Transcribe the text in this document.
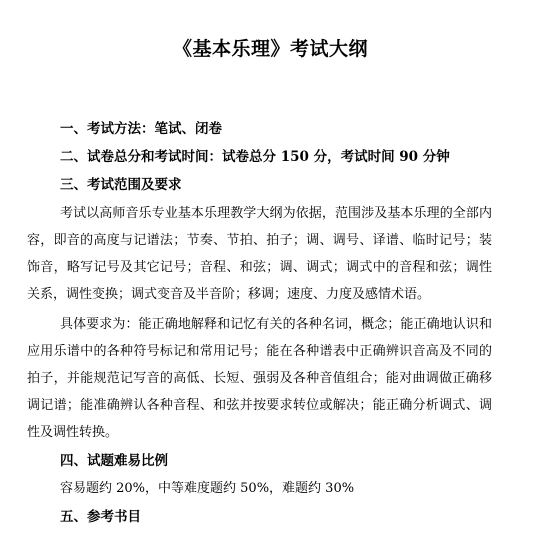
《基本乐理》考试大纲
一、考试方法：笔试、闭卷
二、试卷总分和考试时间：试卷总分 150 分，考试时间 90 分钟
三、考试范围及要求
考试以高师音乐专业基本乐理教学大纲为依据，范围涉及基本乐理的全部内容，即音的高度与记谱法；节奏、节拍、拍子；调、调号、译谱、临时记号；装饰音，略写记号及其它记号；音程、和弦；调、调式；调式中的音程和弦；调性关系，调性变换；调式变音及半音阶；移调；速度、力度及感情术语。
具体要求为：能正确地解释和记忆有关的各种名词，概念；能正确地认识和应用乐谱中的各种符号标记和常用记号；能在各种谱表中正确辨识音高及不同的拍子，并能规范记写音的高低、长短、强弱及各种音值组合；能对曲调做正确移调记谱；能准确辨认各种音程、和弦并按要求转位或解决；能正确分析调式、调性及调性转换。
四、试题难易比例
容易题约 20%，中等难度题约 50%，难题约 30%
五、参考书目
